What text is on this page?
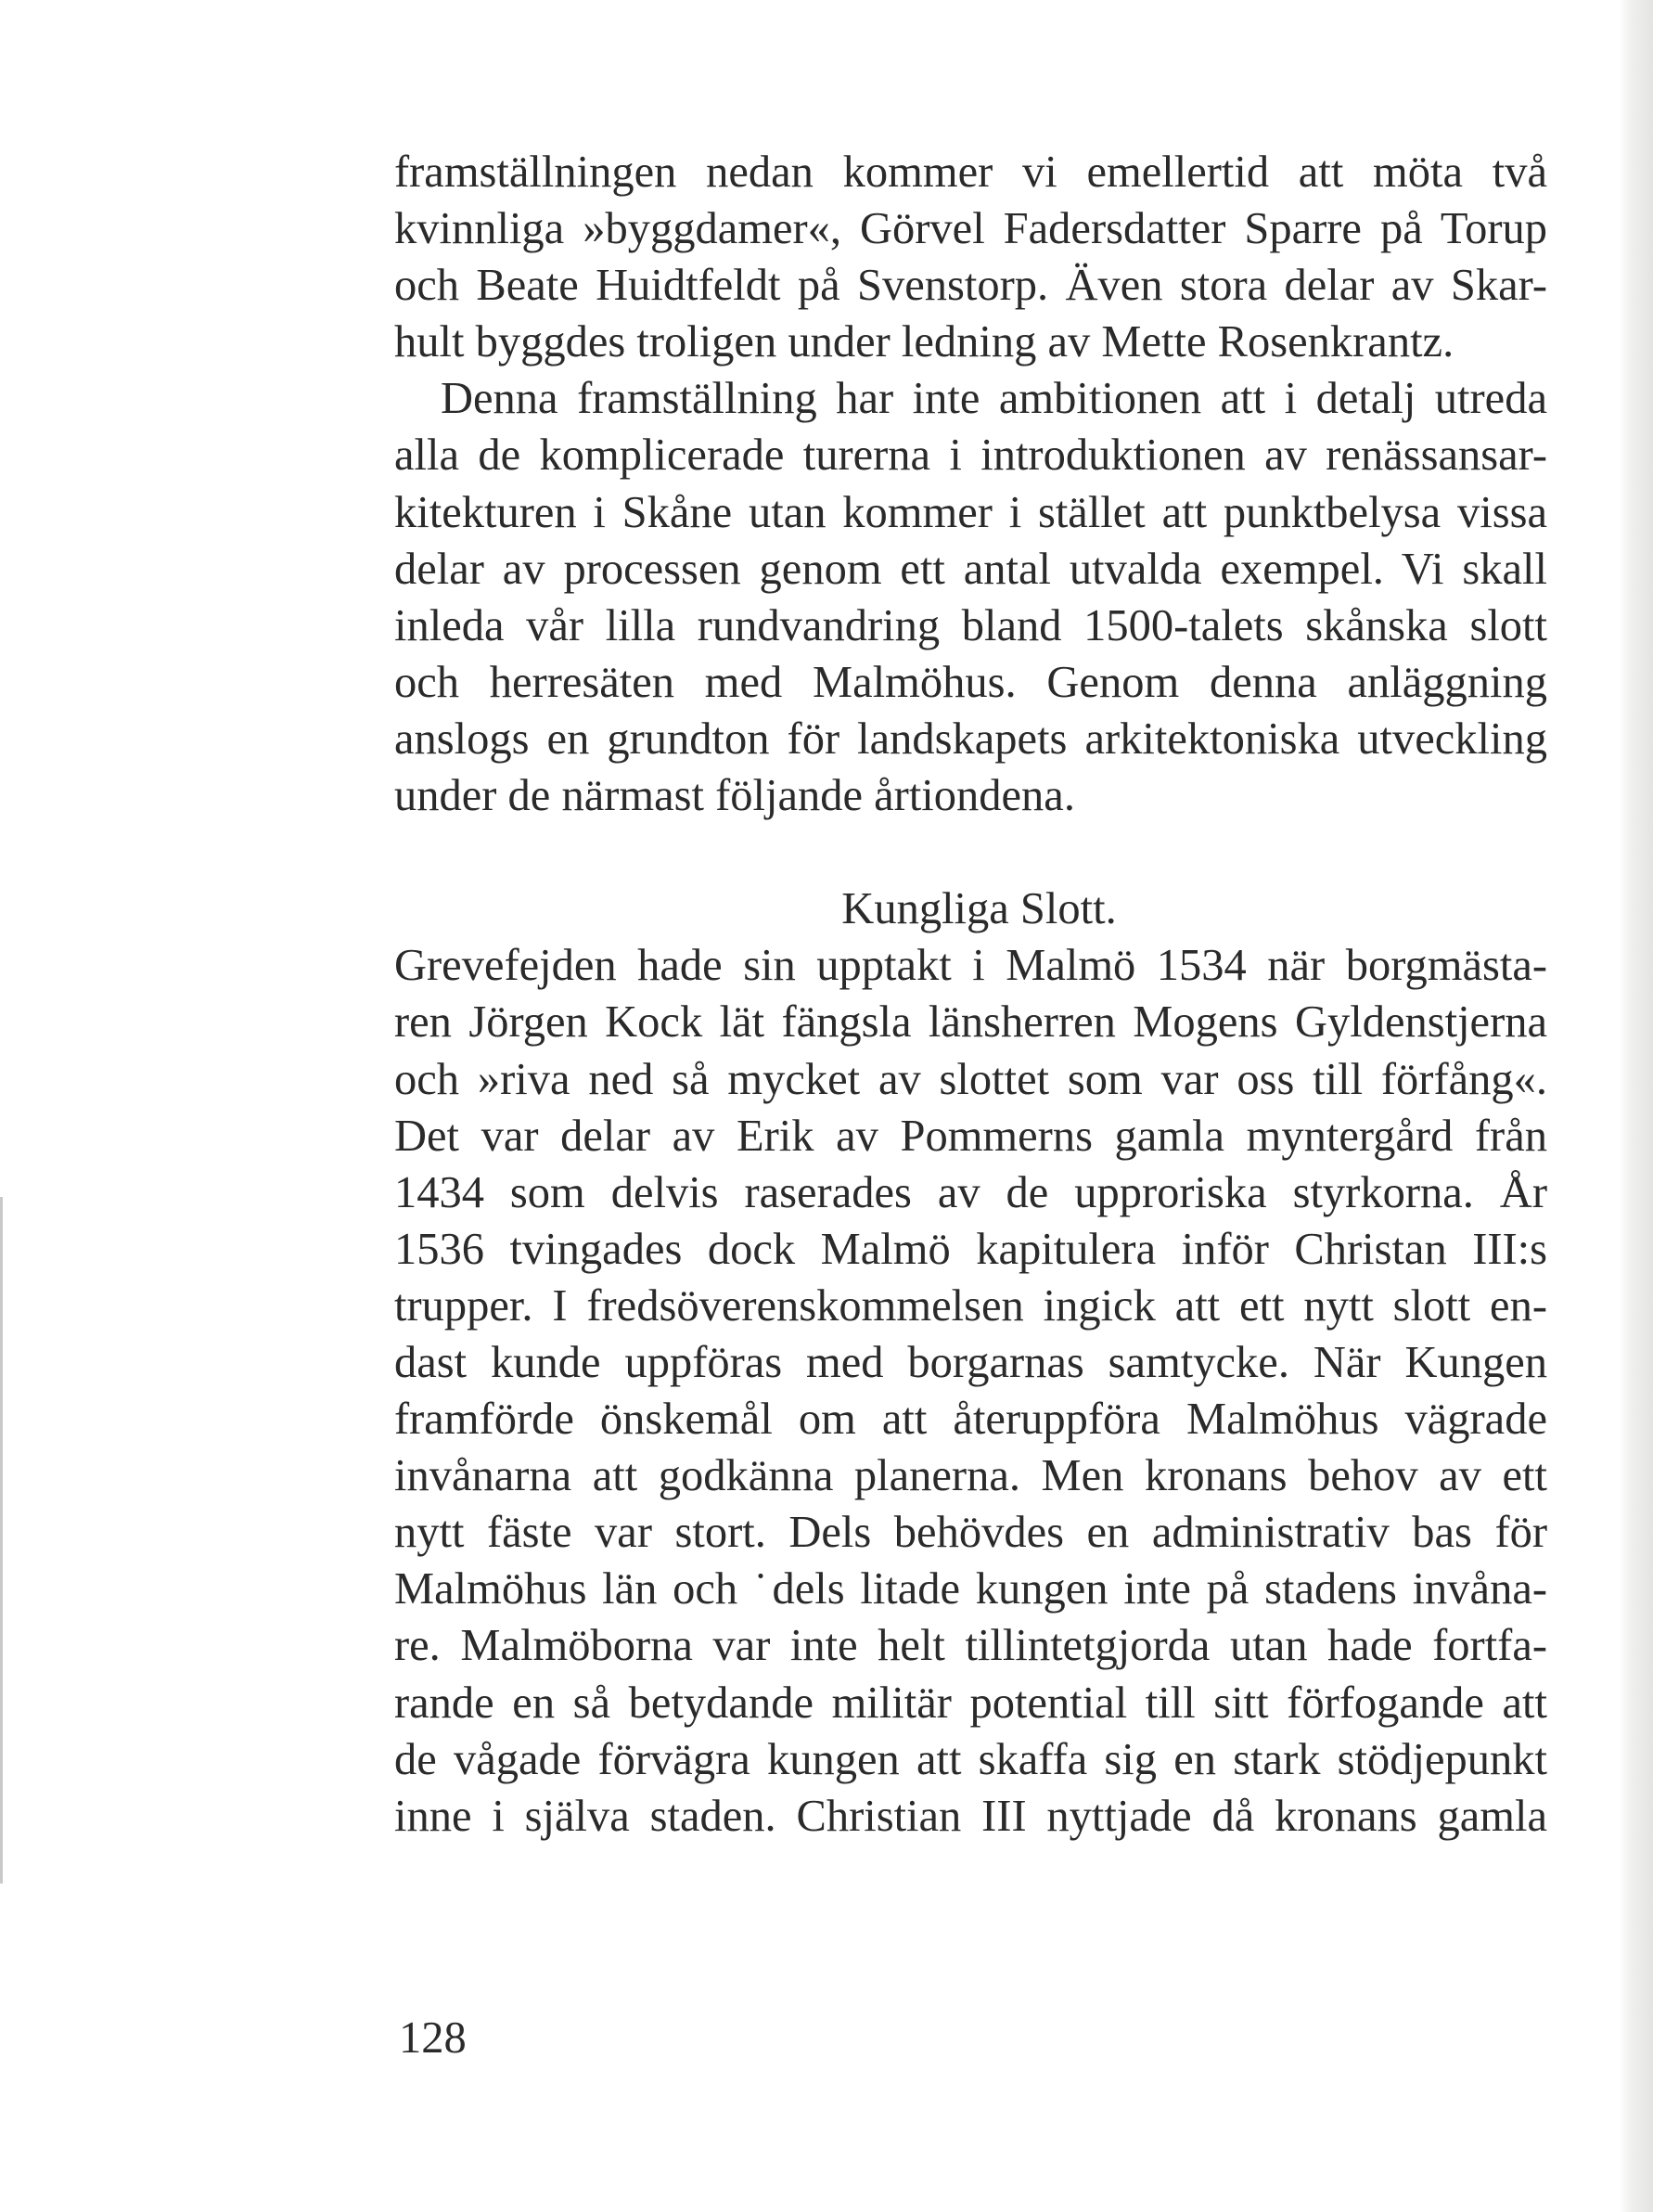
framställningen nedan kommer vi emellertid att möta två
kvinnliga »byggdamer«, Görvel Fadersdatter Sparre på Torup
och Beate Huidtfeldt på Svenstorp. Även stora delar av Skar-
hult byggdes troligen under ledning av Mette Rosenkrantz.
Denna framställning har inte ambitionen att i detalj utreda
alla de komplicerade turerna i introduktionen av renässansar-
kitekturen i Skåne utan kommer i stället att punktbelysa vissa
delar av processen genom ett antal utvalda exempel. Vi skall
inleda vår lilla rundvandring bland 1500-talets skånska slott
och herresäten med Malmöhus. Genom denna anläggning
anslogs en grundton för landskapets arkitektoniska utveckling
under de närmast följande årtiondena.
Kungliga Slott.
Grevefejden hade sin upptakt i Malmö 1534 när borgmästa-
ren Jörgen Kock lät fängsla länsherren Mogens Gyldenstjerna
och »riva ned så mycket av slottet som var oss till förfång«.
Det var delar av Erik av Pommerns gamla myntergård från
1434 som delvis raserades av de upproriska styrkorna. År
1536 tvingades dock Malmö kapitulera inför Christan III:s
trupper. I fredsöverenskommelsen ingick att ett nytt slott en-
dast kunde uppföras med borgarnas samtycke. När Kungen
framförde önskemål om att återuppföra Malmöhus vägrade
invånarna att godkänna planerna. Men kronans behov av ett
nytt fäste var stort. Dels behövdes en administrativ bas för
Malmöhus län och ˙dels litade kungen inte på stadens invåna-
re. Malmöborna var inte helt tillintetgjorda utan hade fortfa-
rande en så betydande militär potential till sitt förfogande att
de vågade förvägra kungen att skaffa sig en stark stödjepunkt
inne i själva staden. Christian III nyttjade då kronans gamla
128
